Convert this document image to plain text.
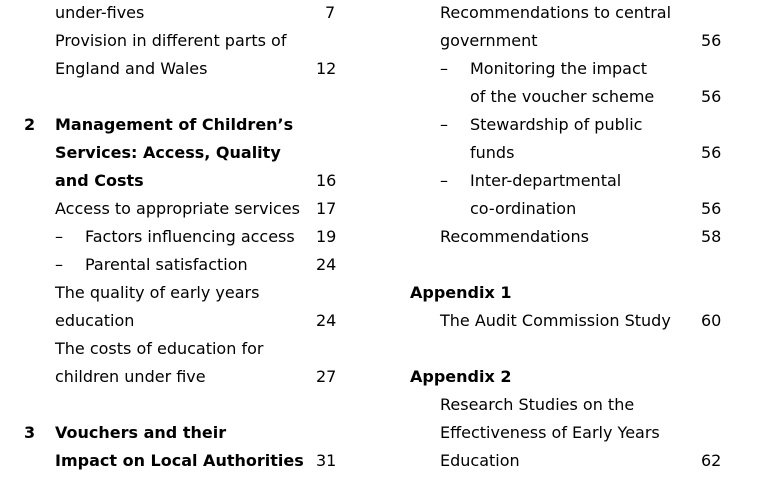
under-fives	7
Provision in different parts of
England and Wales	12
2 Management of Children’s
Services: Access, Quality
and Costs	16
Access to appropriate services 17
– Factors influencing access 19
– Parental satisfaction	24
The quality of early years
education	24
The costs of education for
children under five	27
3 Vouchers and their
Impact on Local Authorities 31
Recommendations to central
government	56
– Monitoring the impact
of the voucher scheme	56
– Stewardship of public
funds	56
– Inter-departmental
co-ordination	56
Recommendations	58
Appendix 1
The Audit Commission Study 60
Appendix 2
Research Studies on the
Effectiveness of Early Years
Education	62
